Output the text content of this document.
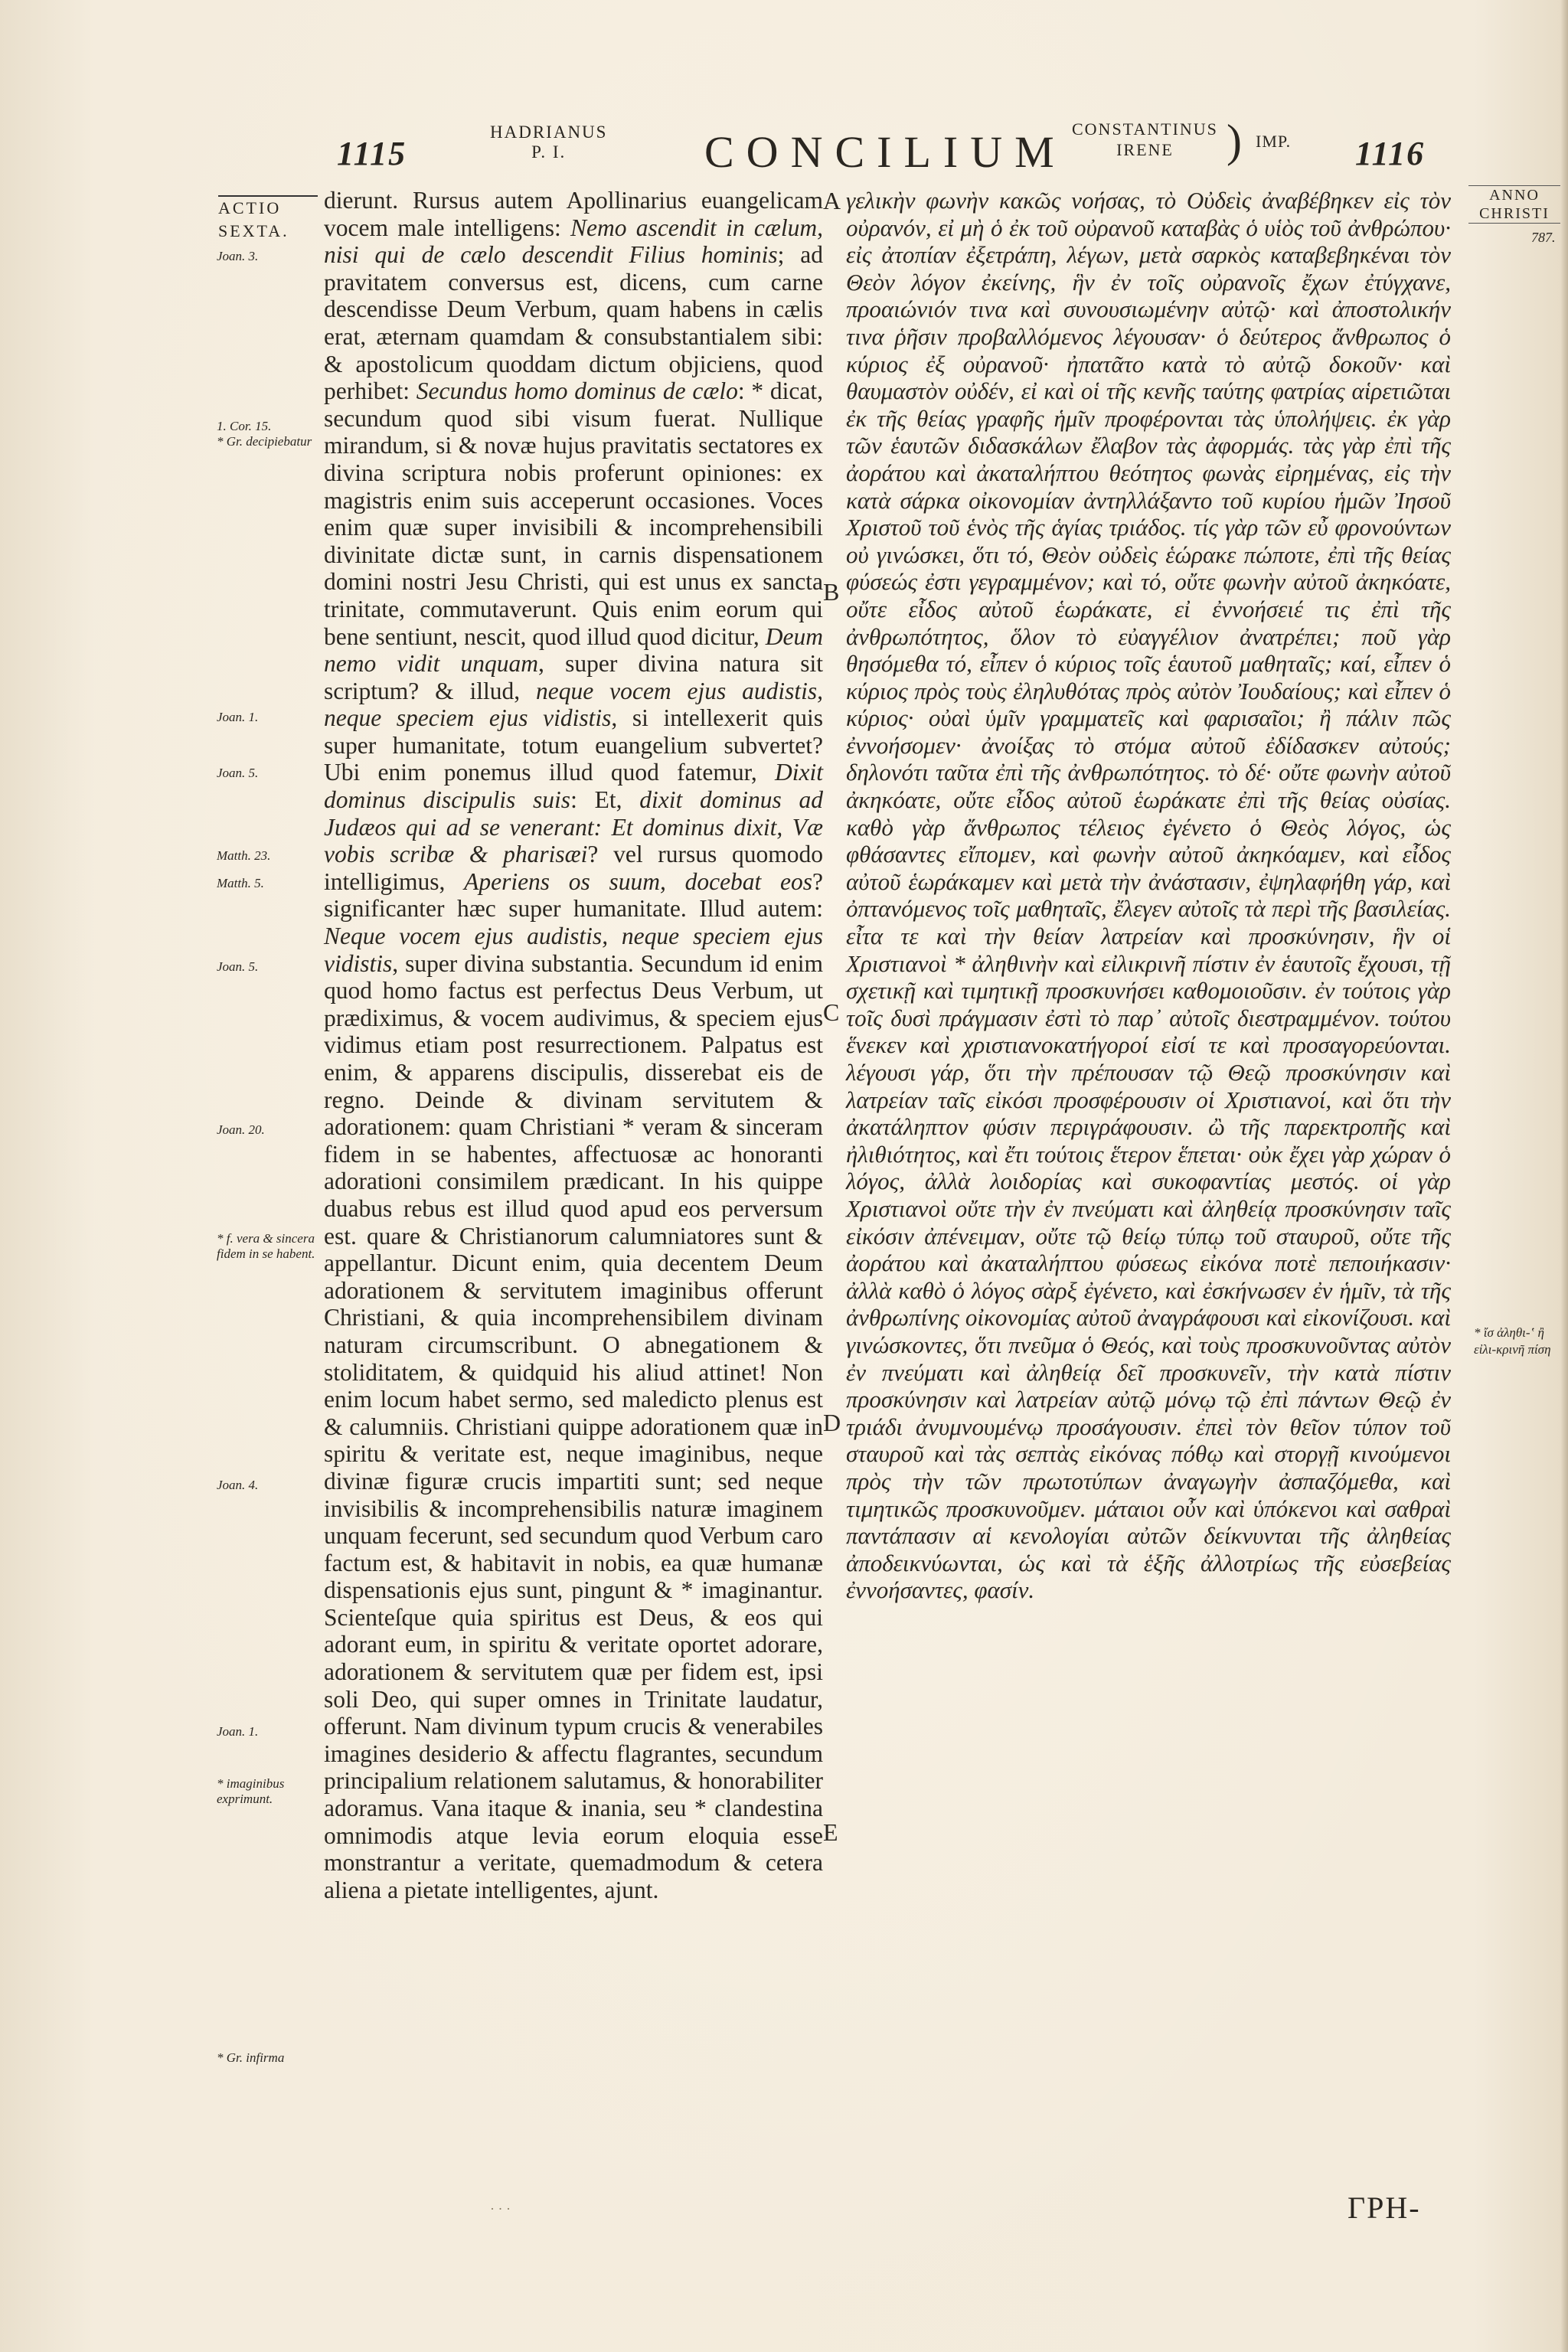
1115
HADRIANUS
P. I.	CONCILIUM CONSTANTINUS
IRENE	) IMP. 1116
ANNO CHRISTI
787.
ACTIO SEXTA.
Joan. 3.
1. Cor. 15.
* Gr. decipiebatur
Joan. 1.
Joan. 5.
Matth. 23.
Matth. 5.
Joan. 5.
Joan. 20.
* f. vera & sincera fidem in se habent.
Joan. 4.
Joan. 1.
* imaginibus exprimunt.
* Gr. infirma

dierunt. Rursus autem Apollinarius euangelicam vocem male intelligens: Nemo ascendit in cælum, nisi qui de cælo descendit Filius hominis; ad pravitatem conversus est, dicens, cum carne descendisse Deum Verbum, quam habens in cælis erat, æternam quamdam & consubstantialem sibi: & apostolicum quoddam dictum objiciens, quod perhibet: Secundus homo dominus de cælo: * dicat, secundum quod sibi visum fuerat. Nullique mirandum, si & novæ hujus pravitatis sectatores ex divina scriptura nobis proferunt opiniones: ex magistris enim suis acceperunt occasiones. Voces enim quæ super invisibili & incomprehensibili divinitate dictæ sunt, in carnis dispensationem domini nostri Jesu Christi, qui est unus ex sancta trinitate, commutaverunt. Quis enim eorum qui bene sentiunt, nescit, quod illud quod dicitur, Deum nemo vidit unquam, super divina natura sit scriptum? & illud, neque vocem ejus audistis, neque speciem ejus vidistis, si intellexerit quis super humanitate, totum euangelium subvertet? Ubi enim ponemus illud quod fatemur, Dixit dominus discipulis suis: Et, dixit dominus ad Judæos qui ad se venerant: Et dominus dixit, Væ vobis scribæ & pharisæi? vel rursus quomodo intelligimus, Aperiens os suum, docebat eos? significanter hæc super humanitate. Illud autem: Neque vocem ejus audistis, neque speciem ejus vidistis, super divina substantia. Secundum id enim quod homo factus est perfectus Deus Verbum, ut prædiximus, & vocem audivimus, & speciem ejus vidimus etiam post resurrectionem. Palpatus est enim, & apparens discipulis, disserebat eis de regno. Deinde & divinam servitutem & adorationem: quam Christiani * veram & sinceram fidem in se habentes, affectuosæ ac honoranti adorationi consimilem prædicant. In his quippe duabus rebus est illud quod apud eos perversum est. quare & Christianorum calumniatores sunt & appellantur. Dicunt enim, quia decentem Deum adorationem & servitutem imaginibus offerunt Christiani, & quia incomprehensibilem divinam naturam circumscribunt. O abnegationem & stoliditatem, & quidquid his aliud attinet! Non enim locum habet sermo, sed maledicto plenus est & calumniis. Christiani quippe adorationem quæ in spiritu & veritate est, neque imaginibus, neque divinæ figuræ crucis impartiti sunt; sed neque invisibilis & incomprehensibilis naturæ imaginem unquam fecerunt, sed secundum quod Verbum caro factum est, & habitavit in nobis, ea quæ humanæ dispensationis ejus sunt, pingunt & * imaginantur. Scienteſque quia spiritus est Deus, & eos qui adorant eum, in spiritu & veritate oportet adorare, adorationem & servitutem quæ per fidem est, ipsi soli Deo, qui super omnes in Trinitate laudatur, offerunt. Nam divinum typum crucis & venerabiles imagines desiderio & affectu flagrantes, secundum principalium relationem salutamus, & honorabiliter adoramus. Vana itaque & inania, seu * clandestina omnimodis atque levia eorum eloquia esse monstrantur a veritate, quemadmodum & cetera aliena a pietate intelligentes, ajunt.

A
B
C
D
E

γελικὴν φωνὴν κακῶς νοήσας, τὸ Οὐδεὶς ἀναβέβηκεν εἰς τὸν οὐρανόν, εἰ μὴ ὁ ἐκ τοῦ οὐρανοῦ καταβὰς ὁ υἱὸς τοῦ ἀνθρώπου· εἰς ἀτοπίαν ἐξετράπη, λέγων, μετὰ σαρκὸς καταβεβηκέναι τὸν Θεὸν λόγον ἐκείνης, ἣν ἐν τοῖς οὐρανοῖς ἔχων ἐτύγχανε, προαιώνιόν τινα καὶ συνουσιωμένην αὐτῷ· καὶ ἀποστολικήν τινα ῥῆσιν προβαλλόμενος λέγουσαν· ὁ δεύτερος ἄνθρωπος ὁ κύριος ἐξ οὐρανοῦ· ἠπατᾶτο κατὰ τὸ αὐτῷ δοκοῦν· καὶ θαυμαστὸν οὐδέν, εἰ καὶ οἱ τῆς κενῆς ταύτης φατρίας αἱρετιῶται ἐκ τῆς θείας γραφῆς ἡμῖν προφέρονται τὰς ὑπολήψεις. ἐκ γὰρ τῶν ἑαυτῶν διδασκάλων ἔλαβον τὰς ἀφορμάς. τὰς γὰρ ἐπὶ τῆς ἀοράτου καὶ ἀκαταλήπτου θεότητος φωνὰς εἰρημένας, εἰς τὴν κατὰ σάρκα οἰκονομίαν ἀντηλλάξαντο τοῦ κυρίου ἡμῶν Ἰησοῦ Χριστοῦ τοῦ ἑνὸς τῆς ἁγίας τριάδος. τίς γὰρ τῶν εὖ φρονούντων οὐ γινώσκει, ὅτι τό, Θεὸν οὐδεὶς ἑώρακε πώποτε, ἐπὶ τῆς θείας φύσεώς ἐστι γεγραμμένον; καὶ τό, οὔτε φωνὴν αὐτοῦ ἀκηκόατε, οὔτε εἶδος αὐτοῦ ἑωράκατε, εἰ ἐννοήσειέ τις ἐπὶ τῆς ἀνθρωπότητος, ὅλον τὸ εὐαγγέλιον ἀνατρέπει; ποῦ γὰρ θησόμεθα τό, εἶπεν ὁ κύριος τοῖς ἑαυτοῦ μαθηταῖς; καί, εἶπεν ὁ κύριος πρὸς τοὺς ἐληλυθότας πρὸς αὐτὸν Ἰουδαίους; καὶ εἶπεν ὁ κύριος· οὐαὶ ὑμῖν γραμματεῖς καὶ φαρισαῖοι; ἢ πάλιν πῶς ἐννοήσομεν· ἀνοίξας τὸ στόμα αὐτοῦ ἐδίδασκεν αὐτούς; δηλονότι ταῦτα ἐπὶ τῆς ἀνθρωπότητος. τὸ δέ· οὔτε φωνὴν αὐτοῦ ἀκηκόατε, οὔτε εἶδος αὐτοῦ ἑωράκατε ἐπὶ τῆς θείας οὐσίας. καθὸ γὰρ ἄνθρωπος τέλειος ἐγένετο ὁ Θεὸς λόγος, ὡς φθάσαντες εἴπομεν, καὶ φωνὴν αὐτοῦ ἀκηκόαμεν, καὶ εἶδος αὐτοῦ ἑωράκαμεν καὶ μετὰ τὴν ἀνάστασιν, ἐψηλαφήθη γάρ, καὶ ὀπτανόμενος τοῖς μαθηταῖς, ἔλεγεν αὐτοῖς τὰ περὶ τῆς βασιλείας. εἶτα τε καὶ τὴν θείαν λατρείαν καὶ προσκύνησιν, ἣν οἱ Χριστιανοὶ * ἀληθινὴν καὶ εἰλικρινῆ πίστιν ἐν ἑαυτοῖς ἔχουσι, τῇ σχετικῇ καὶ τιμητικῇ προσκυνήσει καθομοιοῦσιν. ἐν τούτοις γὰρ τοῖς δυσὶ πράγμασιν ἐστὶ τὸ παρ᾽ αὐτοῖς διεστραμμένον. τούτου ἕνεκεν καὶ χριστιανοκατήγοροί εἰσί τε καὶ προσαγορεύονται. λέγουσι γάρ, ὅτι τὴν πρέπουσαν τῷ Θεῷ προσκύνησιν καὶ λατρείαν ταῖς εἰκόσι προσφέρουσιν οἱ Χριστιανοί, καὶ ὅτι τὴν ἀκατάληπτον φύσιν περιγράφουσιν. ὢ τῆς παρεκτροπῆς καὶ ἠλιθιότητος, καὶ ἔτι τούτοις ἕτερον ἕπεται· οὐκ ἔχει γὰρ χώραν ὁ λόγος, ἀλλὰ λοιδορίας καὶ συκοφαντίας μεστός. οἱ γὰρ Χριστιανοὶ οὔτε τὴν ἐν πνεύματι καὶ ἀληθείᾳ προσκύνησιν ταῖς εἰκόσιν ἀπένειμαν, οὔτε τῷ θείῳ τύπῳ τοῦ σταυροῦ, οὔτε τῆς ἀοράτου καὶ ἀκαταλήπτου φύσεως εἰκόνα ποτὲ πεποιήκασιν· ἀλλὰ καθὸ ὁ λόγος σὰρξ ἐγένετο, καὶ ἐσκήνωσεν ἐν ἡμῖν, τὰ τῆς ἀνθρωπίνης οἰκονομίας αὐτοῦ ἀναγράφουσι καὶ εἰκονίζουσι. καὶ γινώσκοντες, ὅτι πνεῦμα ὁ Θεός, καὶ τοὺς προσκυνοῦντας αὐτὸν ἐν πνεύματι καὶ ἀληθείᾳ δεῖ προσκυνεῖν, τὴν κατὰ πίστιν προσκύνησιν καὶ λατρείαν αὐτῷ μόνῳ τῷ ἐπὶ πάντων Θεῷ ἐν τριάδι ἀνυμνουμένῳ προσάγουσιν. ἐπεὶ τὸν θεῖον τύπον τοῦ σταυροῦ καὶ τὰς σεπτὰς εἰκόνας πόθῳ καὶ στοργῇ κινούμενοι πρὸς τὴν τῶν πρωτοτύπων ἀναγωγὴν ἀσπαζόμεθα, καὶ τιμητικῶς προσκυνοῦμεν. μάταιοι οὖν καὶ ὑπόκενοι καὶ σαθραὶ παντάπασιν αἱ κενολογίαι αὐτῶν δείκνυνται τῆς ἀληθείας ἀποδεικνύωνται, ὡς καὶ τὰ ἑξῆς ἀλλοτρίως τῆς εὐσεβείας ἐννοήσαντες, φασίν.

* ἴσ ἀληθι-ʽ ἢ εἰλι-κρινῆ πίση
· · ·	ΓΡΗ-
